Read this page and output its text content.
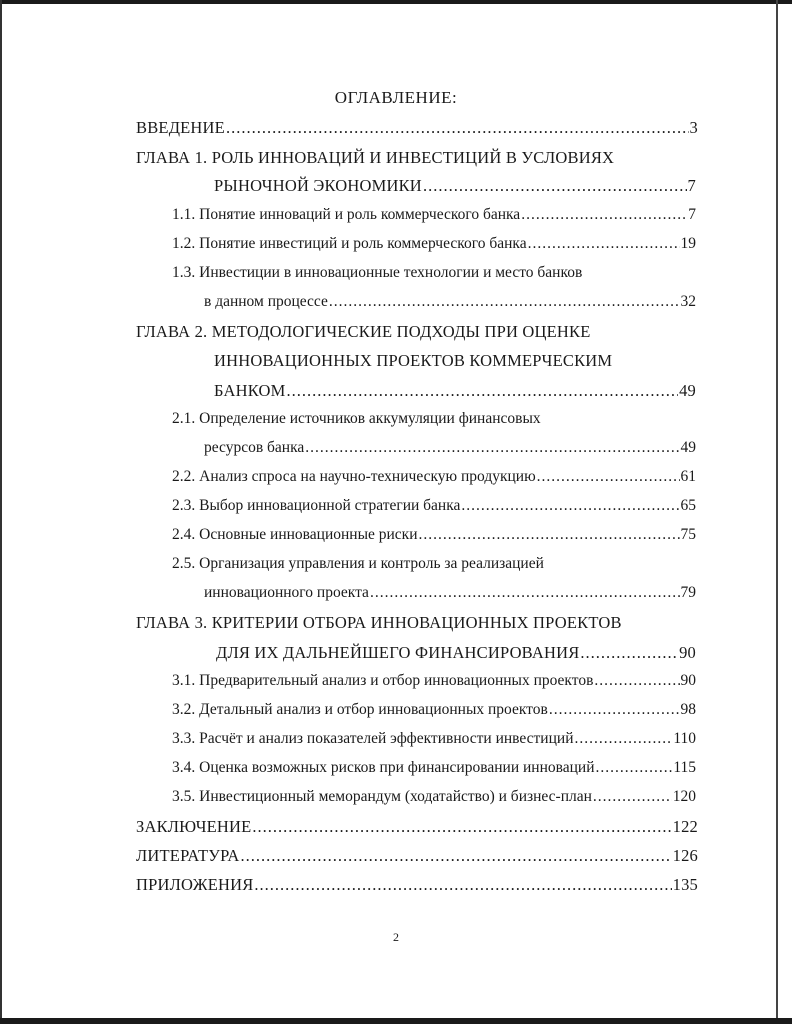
ОГЛАВЛЕНИЕ:
ВВЕДЕНИЕ .....	3
ГЛАВА 1. РОЛЬ ИННОВАЦИЙ И ИНВЕСТИЦИЙ В УСЛОВИЯХ
РЫНОЧНОЙ ЭКОНОМИКИ .....	7
1.1. Понятие инноваций и роль коммерческого банка .....	7
1.2. Понятие инвестиций и роль коммерческого банка .....	19
1.3. Инвестиции в инновационные технологии и место банков
в данном процессе .....	32
ГЛАВА 2. МЕТОДОЛОГИЧЕСКИЕ ПОДХОДЫ ПРИ ОЦЕНКЕ
ИННОВАЦИОННЫХ ПРОЕКТОВ КОММЕРЧЕСКИМ
БАНКОМ .....	49
2.1. Определение источников аккумуляции финансовых
ресурсов банка .....	49
2.2. Анализ спроса на научно-техническую продукцию .....	61
2.3. Выбор инновационной стратегии банка .....	65
2.4. Основные инновационные риски .....	75
2.5. Организация управления и контроль за реализацией
инновационного проекта .....	79
ГЛАВА 3. КРИТЕРИИ ОТБОРА ИННОВАЦИОННЫХ ПРОЕКТОВ
ДЛЯ ИХ ДАЛЬНЕЙШЕГО ФИНАНСИРОВАНИЯ .....	90
3.1. Предварительный анализ и отбор инновационных проектов .....	90
3.2. Детальный анализ и отбор инновационных проектов .....	98
3.3. Расчёт и анализ показателей эффективности инвестиций .....	110
3.4. Оценка возможных рисков при финансировании инноваций .....	115
3.5. Инвестиционный меморандум (ходатайство) и бизнес-план .....	120
ЗАКЛЮЧЕНИЕ .....	122
ЛИТЕРАТУРА .....	126
ПРИЛОЖЕНИЯ .....	135
2
